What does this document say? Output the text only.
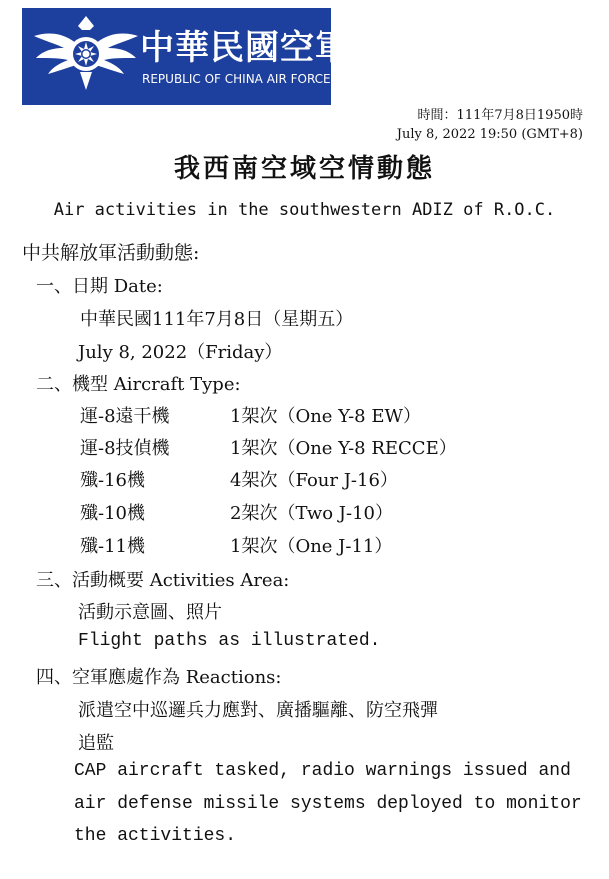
中華民國空軍
REPUBLIC OF CHINA AIR FORCE
時間：111年7月8日1950時
July 8, 2022 19:50 (GMT+8)
我西南空域空情動態
Air activities in the southwestern ADIZ of R.O.C.
中共解放軍活動動態:
一、日期 Date:
中華民國111年7月8日（星期五）
July 8, 2022（Friday）
二、機型 Aircraft Type:
運-8遠干機	1架次（One Y-8 EW）
運-8技偵機	1架次（One Y-8 RECCE）
殲-16機	4架次（Four J-16）
殲-10機	2架次（Two J-10）
殲-11機	1架次（One J-11）
三、活動概要 Activities Area:
活動示意圖、照片
Flight paths as illustrated.
四、空軍應處作為 Reactions:
派遣空中巡邏兵力應對、廣播驅離、防空飛彈
追監
CAP aircraft tasked, radio warnings issued and
air defense missile systems deployed to monitor
the activities.
